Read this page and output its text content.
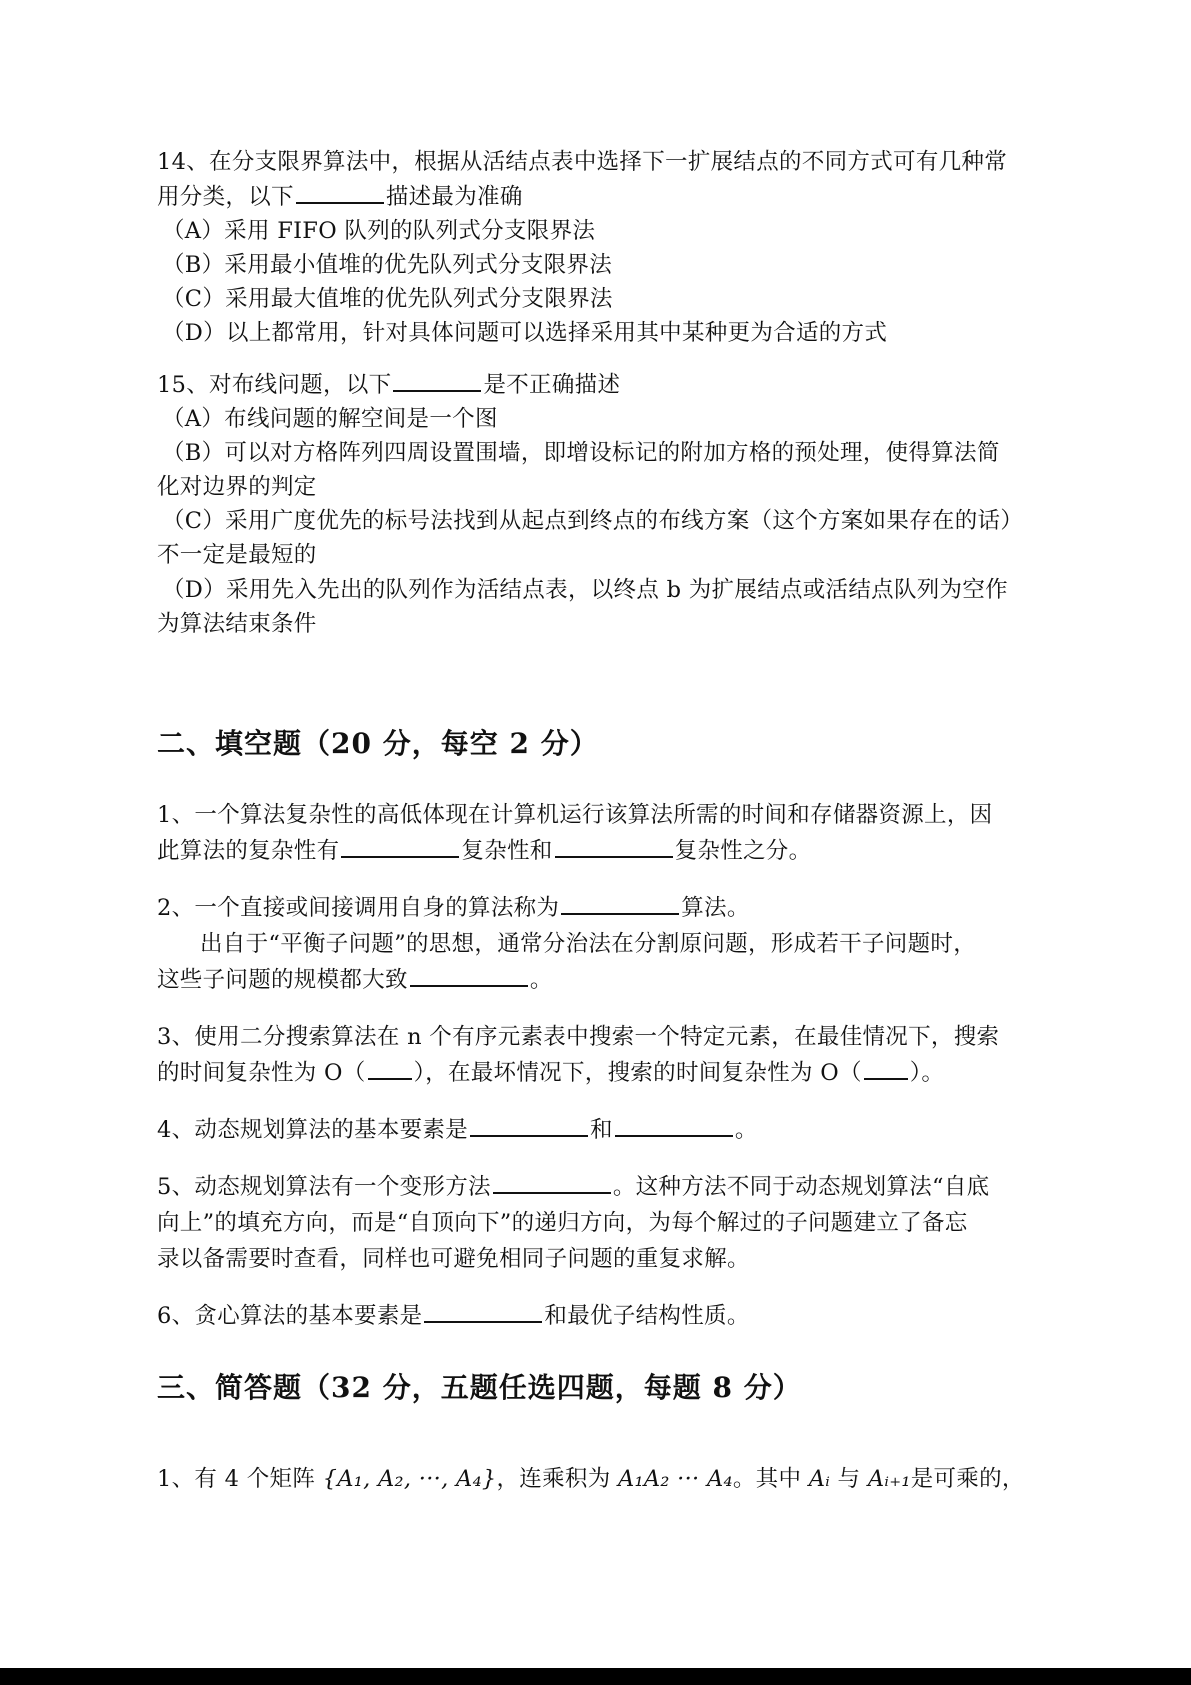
14、在分支限界算法中，根据从活结点表中选择下一扩展结点的不同方式可有几种常
用分类，以下	描述最为准确
（A）采用 FIFO 队列的队列式分支限界法
（B）采用最小值堆的优先队列式分支限界法
（C）采用最大值堆的优先队列式分支限界法
（D）以上都常用，针对具体问题可以选择采用其中某种更为合适的方式
15、对布线问题，以下	是不正确描述
（A）布线问题的解空间是一个图
（B）可以对方格阵列四周设置围墙，即增设标记的附加方格的预处理，使得算法简
化对边界的判定
（C）采用广度优先的标号法找到从起点到终点的布线方案（这个方案如果存在的话）
不一定是最短的
（D）采用先入先出的队列作为活结点表，以终点 b 为扩展结点或活结点队列为空作
为算法结束条件
二、填空题（20 分，每空 2 分）
1、一个算法复杂性的高低体现在计算机运行该算法所需的时间和存储器资源上，因
此算法的复杂性有	复杂性和	复杂性之分。
2、一个直接或间接调用自身的算法称为	算法。
出自于“平衡子问题”的思想，通常分治法在分割原问题，形成若干子问题时，
这些子问题的规模都大致	。
3、使用二分搜索算法在 n 个有序元素表中搜索一个特定元素，在最佳情况下，搜索
的时间复杂性为 O（ ），在最坏情况下，搜索的时间复杂性为 O（ ）。
4、动态规划算法的基本要素是	和	。
5、动态规划算法有一个变形方法	。这种方法不同于动态规划算法“自底
向上”的填充方向，而是“自顶向下”的递归方向，为每个解过的子问题建立了备忘
录以备需要时查看，同样也可避免相同子问题的重复求解。
6、贪心算法的基本要素是	和最优子结构性质。
三、简答题（32 分，五题任选四题，每题 8 分）
1、有 4 个矩阵 {A₁, A₂, ···, A₄}，连乘积为 A₁A₂ ··· A₄。其中 Aᵢ 与 Aᵢ₊₁是可乘的，
